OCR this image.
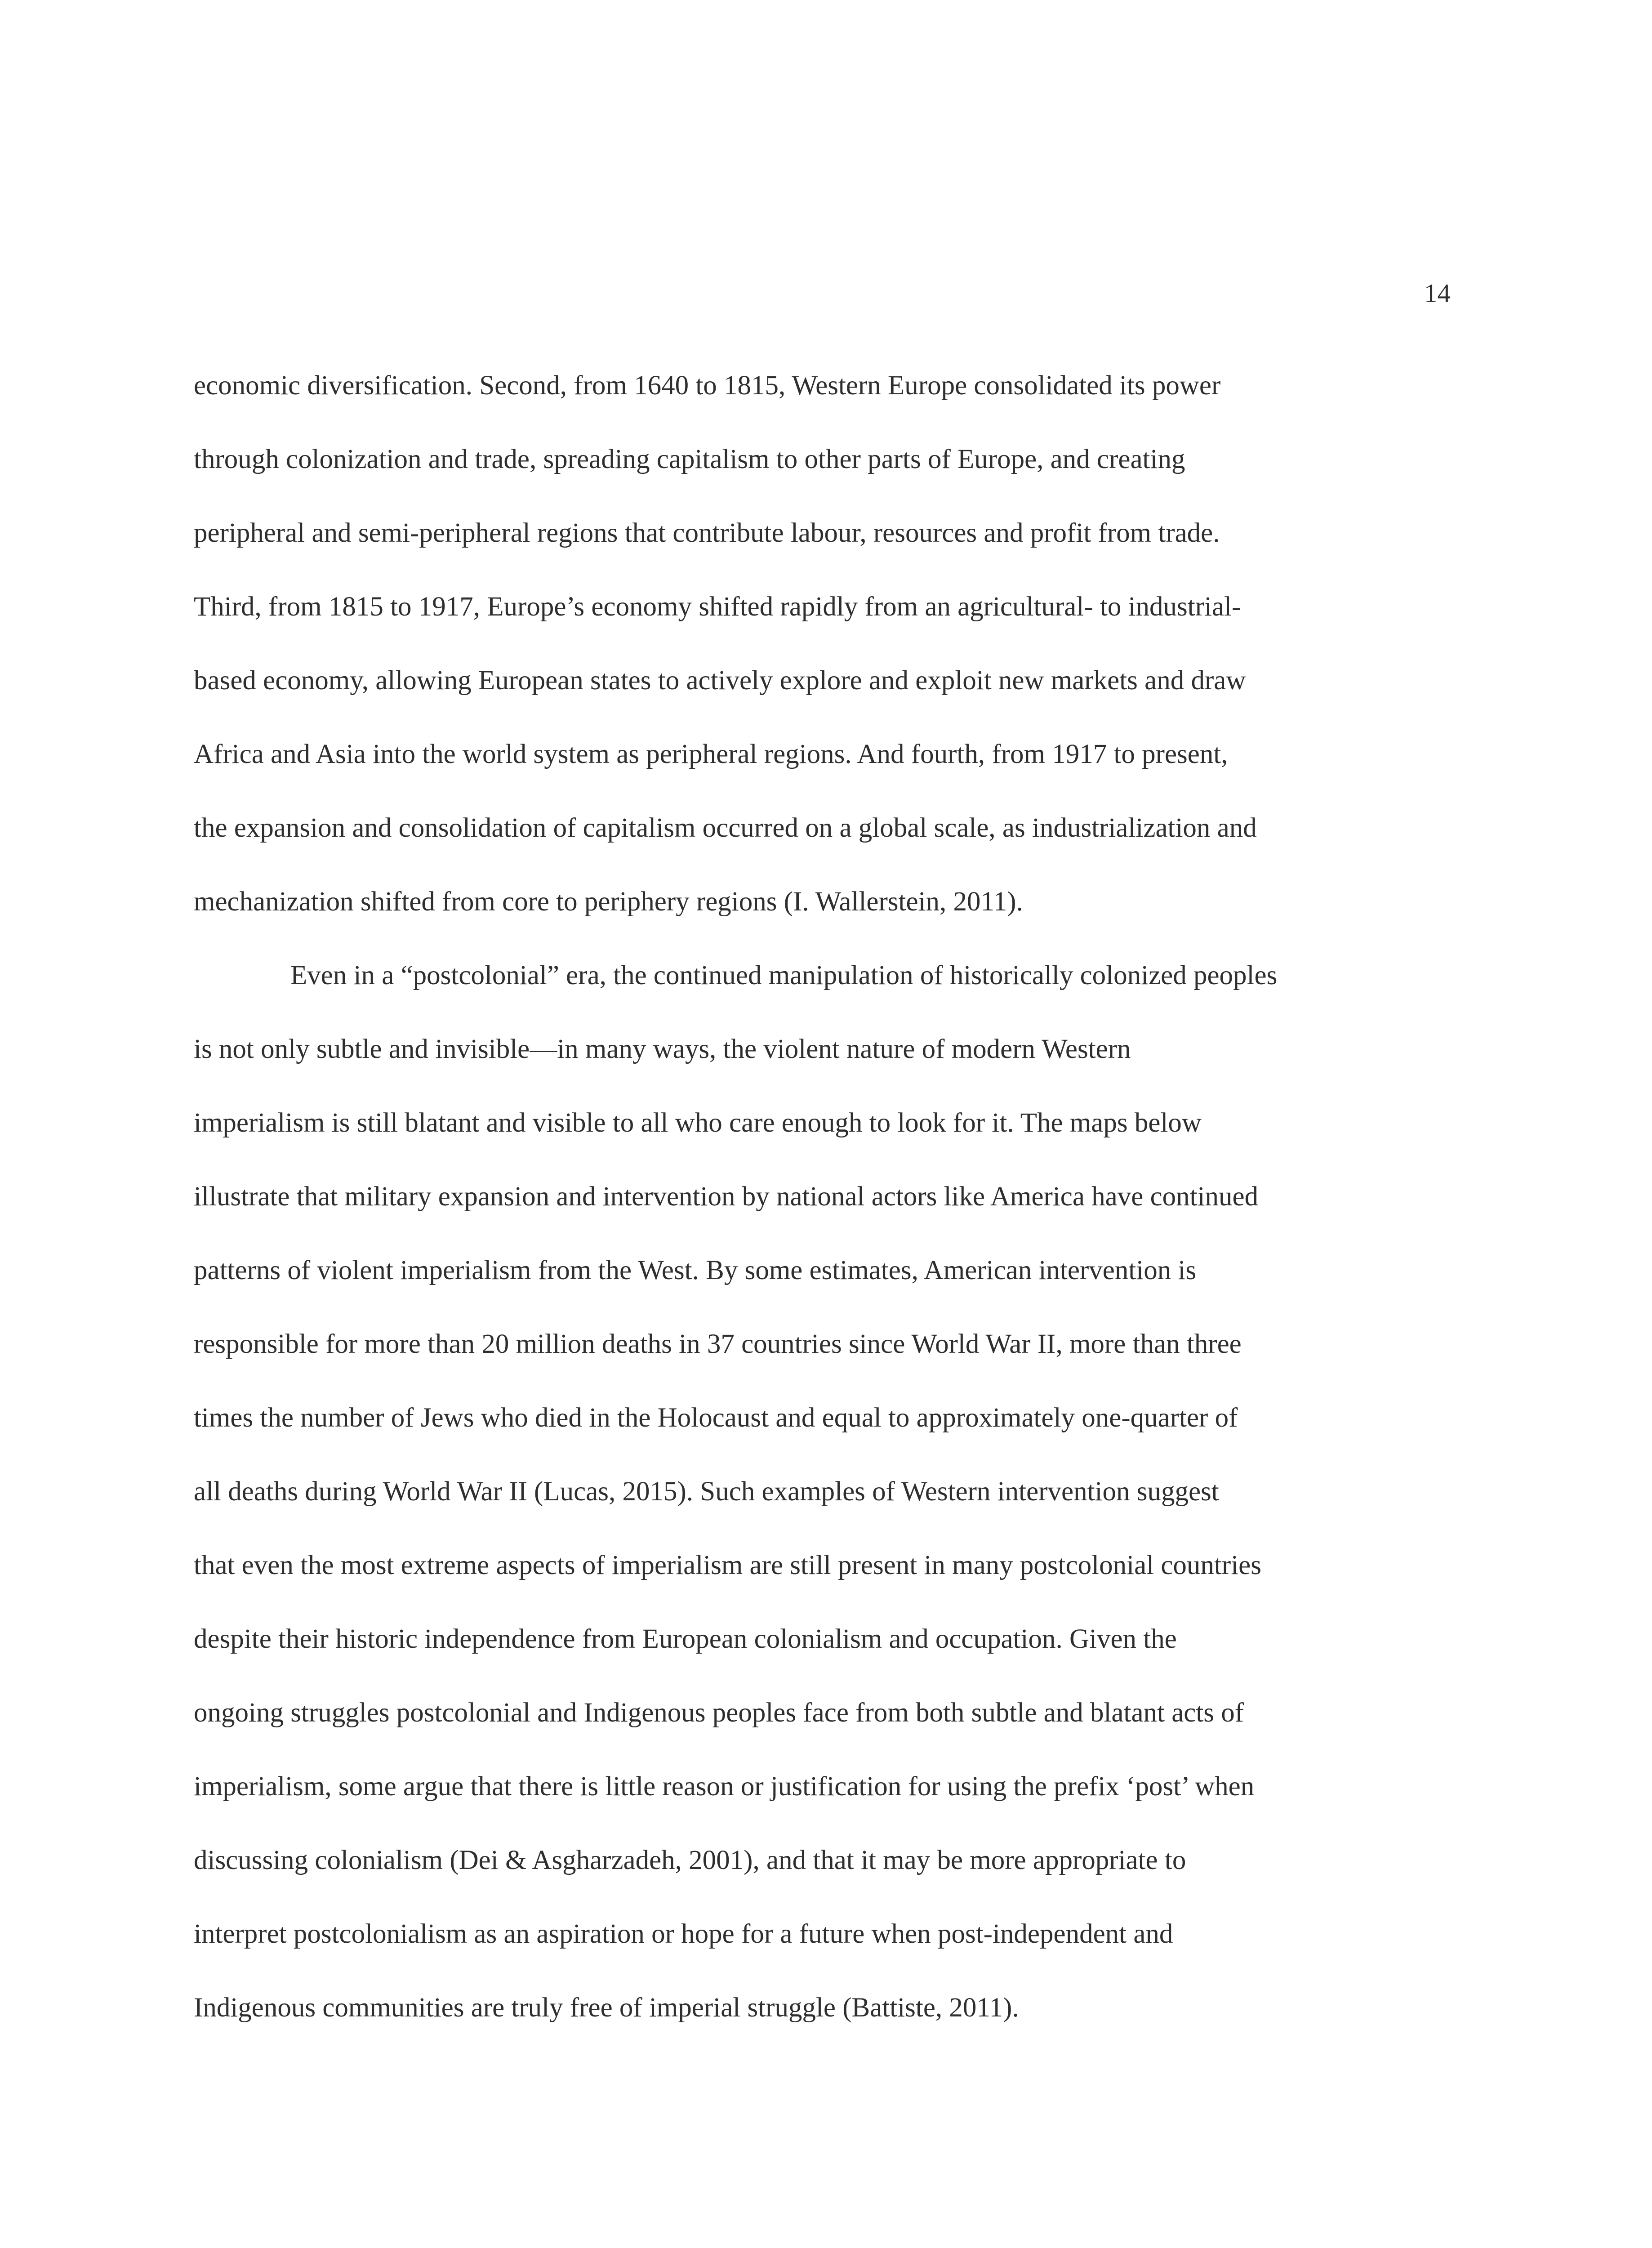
14
economic diversification. Second, from 1640 to 1815, Western Europe consolidated its power
through colonization and trade, spreading capitalism to other parts of Europe, and creating
peripheral and semi-peripheral regions that contribute labour, resources and profit from trade.
Third, from 1815 to 1917, Europe’s economy shifted rapidly from an agricultural- to industrial-
based economy, allowing European states to actively explore and exploit new markets and draw
Africa and Asia into the world system as peripheral regions. And fourth, from 1917 to present,
the expansion and consolidation of capitalism occurred on a global scale, as industrialization and
mechanization shifted from core to periphery regions (I. Wallerstein, 2011).
Even in a “postcolonial” era, the continued manipulation of historically colonized peoples
is not only subtle and invisible—in many ways, the violent nature of modern Western
imperialism is still blatant and visible to all who care enough to look for it. The maps below
illustrate that military expansion and intervention by national actors like America have continued
patterns of violent imperialism from the West. By some estimates, American intervention is
responsible for more than 20 million deaths in 37 countries since World War II, more than three
times the number of Jews who died in the Holocaust and equal to approximately one-quarter of
all deaths during World War II (Lucas, 2015). Such examples of Western intervention suggest
that even the most extreme aspects of imperialism are still present in many postcolonial countries
despite their historic independence from European colonialism and occupation. Given the
ongoing struggles postcolonial and Indigenous peoples face from both subtle and blatant acts of
imperialism, some argue that there is little reason or justification for using the prefix ‘post’ when
discussing colonialism (Dei & Asgharzadeh, 2001), and that it may be more appropriate to
interpret postcolonialism as an aspiration or hope for a future when post-independent and
Indigenous communities are truly free of imperial struggle (Battiste, 2011).
